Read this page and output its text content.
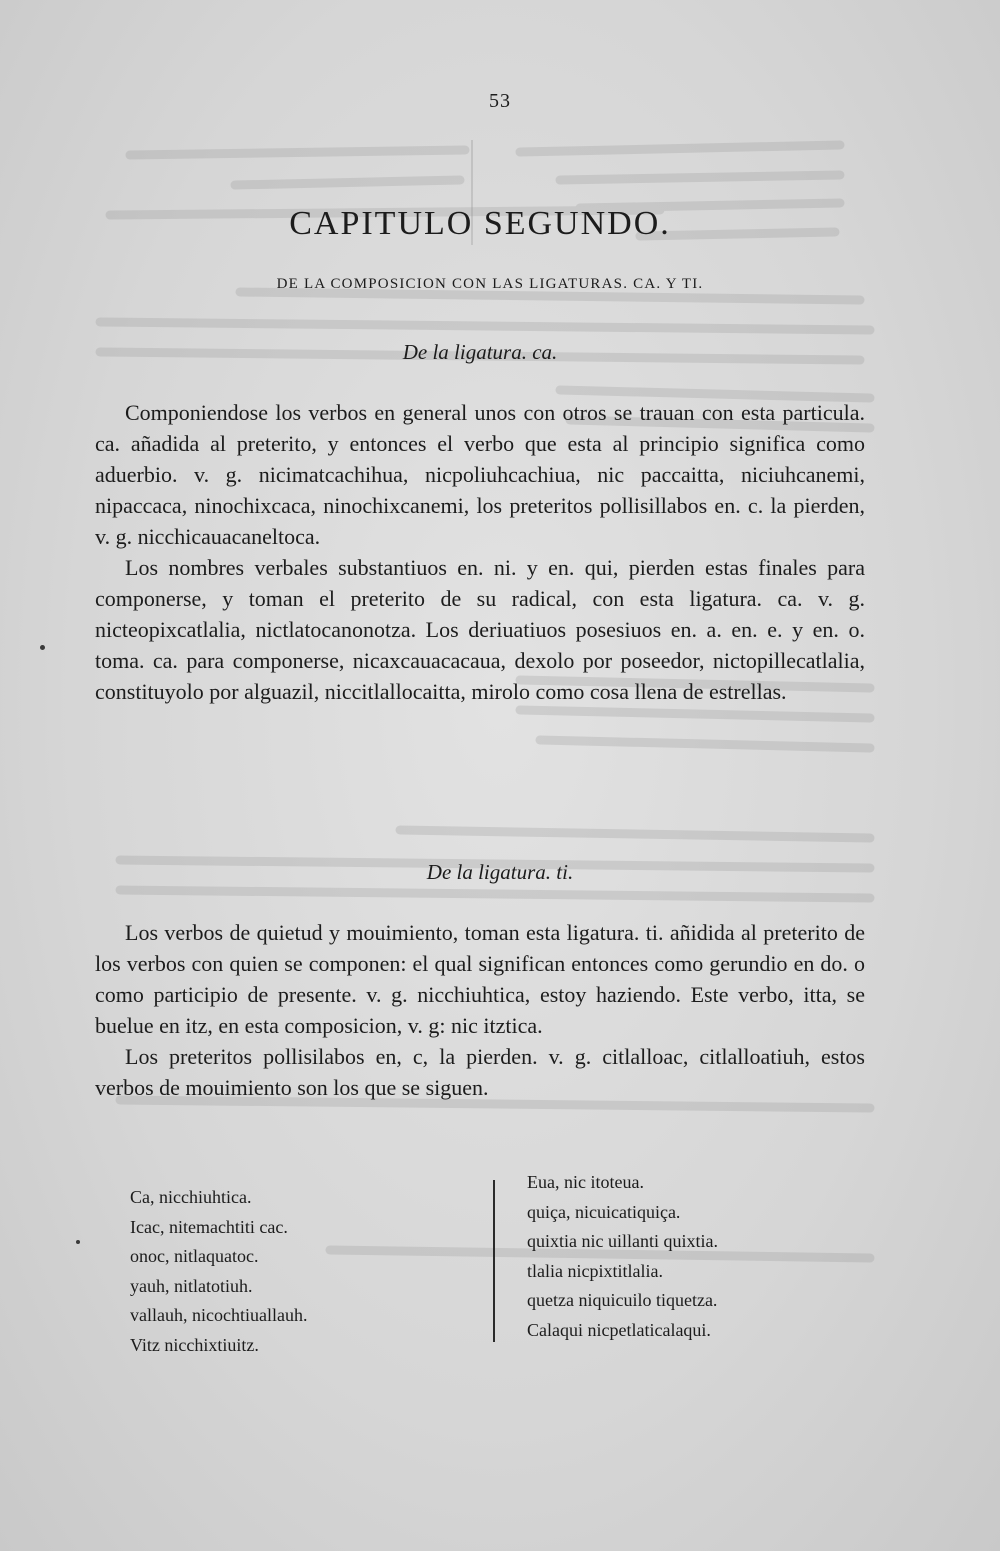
53
CAPITULO SEGUNDO.
DE LA COMPOSICION CON LAS LIGATURAS. CA. Y TI.
De la ligatura. ca.

Componiendose los verbos en general unos con otros se trauan con esta particula. ca. añadida al preterito, y entonces el verbo que esta al principio significa como aduerbio. v. g. nicimatcachihua, nicpoliuhcachiua, nic paccaitta, niciuhcanemi, nipaccaca, ninochixcaca, ninochixcanemi, los preteritos pollisillabos en. c. la pierden, v. g. nicchicauacaneltoca.

Los nombres verbales substantiuos en. ni. y en. qui, pierden estas finales para componerse, y toman el preterito de su radical, con esta ligatura. ca. v. g. nicteopixcatlalia, nictlatocanonotza. Los deriuatiuos posesiuos en. a. en. e. y en. o. toma. ca. para componerse, nicaxcauacacaua, dexolo por poseedor, nictopillecatlalia, constituyolo por alguazil, niccitlallocaitta, mirolo como cosa llena de estrellas.

De la ligatura. ti.

Los verbos de quietud y mouimiento, toman esta ligatura. ti. añidida al preterito de los verbos con quien se componen: el qual significan entonces como gerundio en do. o como participio de presente. v. g. nicchiuhtica, estoy haziendo. Este verbo, itta, se buelue en itz, en esta composicion, v. g: nic itztica.

Los preteritos pollisilabos en, c, la pierden. v. g. citlalloac, citlalloatiuh, estos verbos de mouimiento son los que se siguen.

Ca, nicchiuhtica.
Icac, nitemachtiti cac.
onoc, nitlaquatoc.
yauh, nitlatotiuh.
vallauh, nicochtiuallauh.
Vitz nicchixtiuitz.
Eua, nic itoteua.
quiça, nicuicatiquiça.
quixtia nic uillanti quixtia.
tlalia nicpixtitlalia.
quetza niquicuilo tiquetza.
Calaqui nicpetlaticalaqui.
